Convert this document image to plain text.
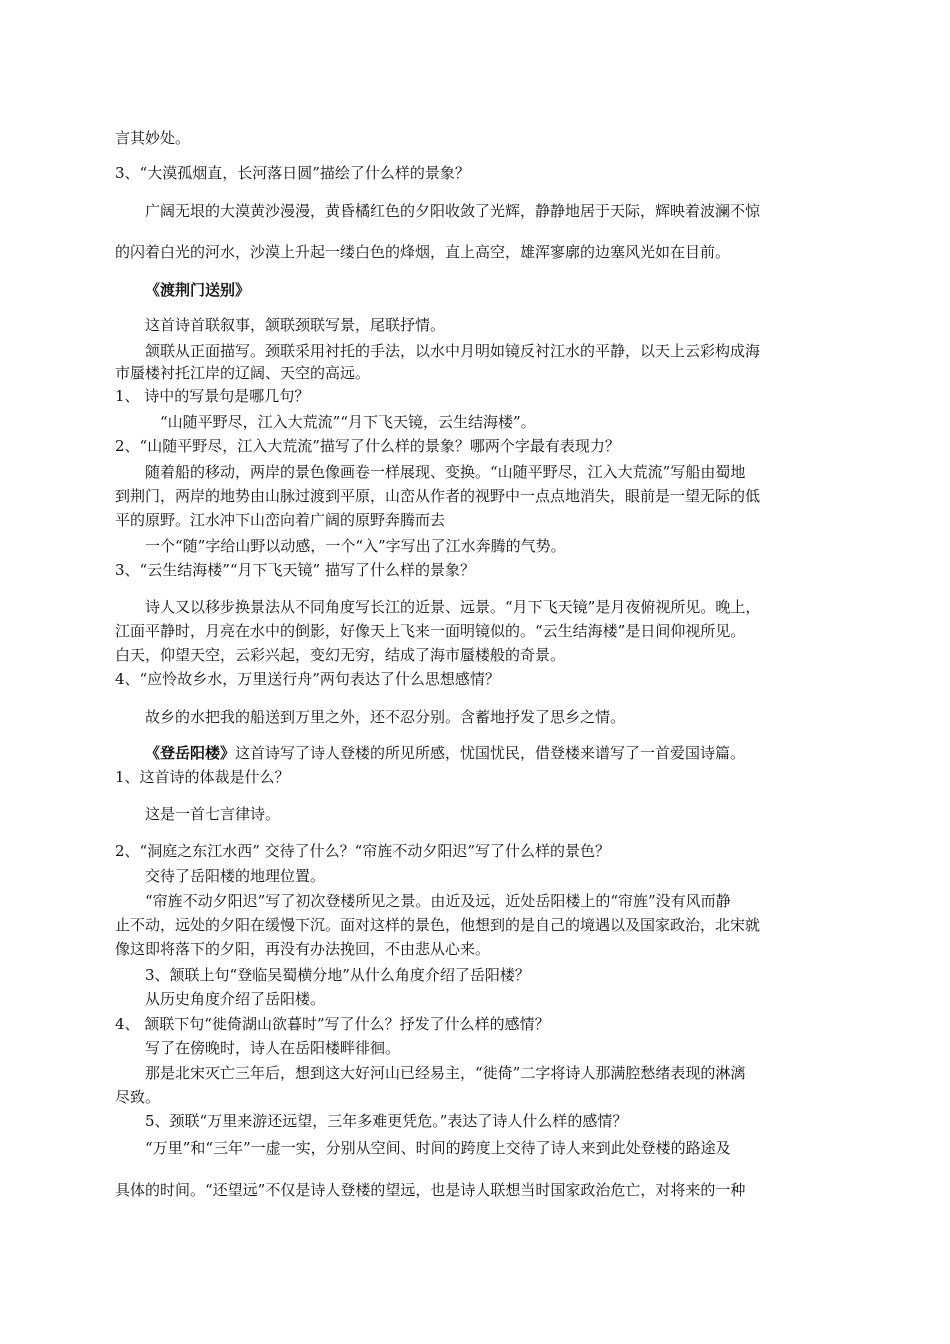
言其妙处。
3、“大漠孤烟直，长河落日圆”描绘了什么样的景象？
广阔无垠的大漠黄沙漫漫，黄昏橘红色的夕阳收敛了光辉，静静地居于天际，辉映着波澜不惊
的闪着白光的河水，沙漠上升起一缕白色的烽烟，直上高空，雄浑寥廓的边塞风光如在目前。
《渡荆门送别》
这首诗首联叙事，颔联颈联写景，尾联抒情。
颔联从正面描写。颈联采用衬托的手法，以水中月明如镜反衬江水的平静，以天上云彩构成海
市蜃楼衬托江岸的辽阔、天空的高远。
1、 诗中的写景句是哪几句？
“山随平野尽，江入大荒流”“月下飞天镜，云生结海楼”。
2、“山随平野尽，江入大荒流”描写了什么样的景象？哪两个字最有表现力？
随着船的移动，两岸的景色像画卷一样展现、变换。“山随平野尽，江入大荒流”写船由蜀地
到荆门，两岸的地势由山脉过渡到平原，山峦从作者的视野中一点点地消失，眼前是一望无际的低
平的原野。江水冲下山峦向着广阔的原野奔腾而去
一个“随”字给山野以动感，一个“入”字写出了江水奔腾的气势。
3、“云生结海楼”“月下飞天镜” 描写了什么样的景象？
诗人又以移步换景法从不同角度写长江的近景、远景。“月下飞天镜”是月夜俯视所见。晚上，
江面平静时，月亮在水中的倒影，好像天上飞来一面明镜似的。“云生结海楼”是日间仰视所见。
白天，仰望天空，云彩兴起，变幻无穷，结成了海市蜃楼般的奇景。
4、“应怜故乡水，万里送行舟”两句表达了什么思想感情？
故乡的水把我的船送到万里之外，还不忍分别。含蓄地抒发了思乡之情。
《登岳阳楼》这首诗写了诗人登楼的所见所感，忧国忧民，借登楼来谱写了一首爱国诗篇。
1、这首诗的体裁是什么？
这是一首七言律诗。
2、“洞庭之东江水西” 交待了什么？“帘旌不动夕阳迟”写了什么样的景色？
交待了岳阳楼的地理位置。
“帘旌不动夕阳迟”写了初次登楼所见之景。由近及远，近处岳阳楼上的“帘旌”没有风而静
止不动，远处的夕阳在缓慢下沉。面对这样的景色，他想到的是自己的境遇以及国家政治，北宋就
像这即将落下的夕阳，再没有办法挽回，不由悲从心来。
3、颔联上句“登临吴蜀横分地”从什么角度介绍了岳阳楼？
从历史角度介绍了岳阳楼。
4、 颔联下句“徙倚湖山欲暮时”写了什么？抒发了什么样的感情？
写了在傍晚时，诗人在岳阳楼畔徘徊。
那是北宋灭亡三年后，想到这大好河山已经易主，“徙倚”二字将诗人那满腔愁绪表现的淋漓
尽致。
5、颈联“万里来游还远望，三年多难更凭危。”表达了诗人什么样的感情？
“万里”和“三年”一虚一实，分别从空间、时间的跨度上交待了诗人来到此处登楼的路途及
具体的时间。“还望远”不仅是诗人登楼的望远，也是诗人联想当时国家政治危亡，对将来的一种
